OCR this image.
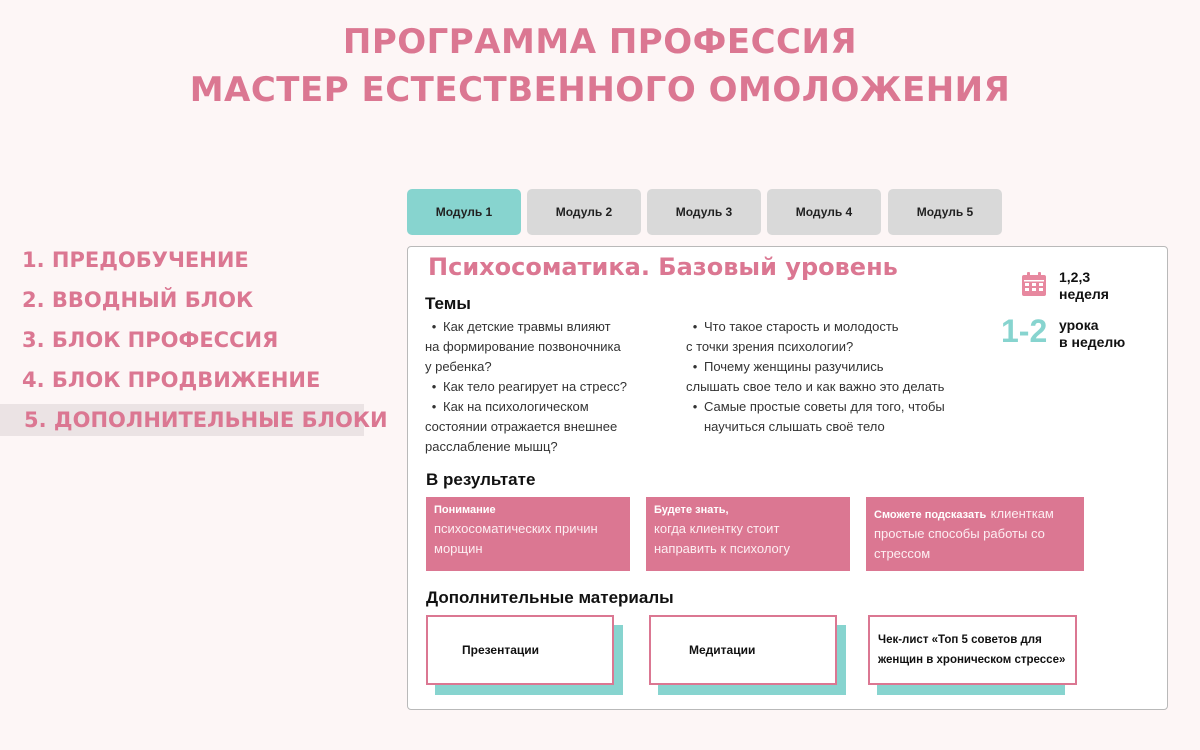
ПРОГРАММА ПРОФЕССИЯ
МАСТЕР ЕСТЕСТВЕННОГО ОМОЛОЖЕНИЯ
1. ПРЕДОБУЧЕНИЕ
2. ВВОДНЫЙ БЛОК
3. БЛОК ПРОФЕССИЯ
4. БЛОК ПРОДВИЖЕНИЕ
5. ДОПОЛНИТЕЛЬНЫЕ БЛОКИ
Модуль 1	Модуль 2	Модуль 3	Модуль 4	Модуль 5
Психосоматика. Базовый уровень	1,2,3
неделя
1-2 урока
в неделю
Темы
• Как детские травмы влияют
на формирование позвоночника
у ребенка?
• Как тело реагирует на стресс?
• Как на психологическом
состоянии отражается внешнее
расслабление мышц?
• Что такое старость и молодость
с точки зрения психологии?
• Почему женщины разучились
слышать свое тело и как важно это делать
• Самые простые советы для того, чтобы
научиться слышать своё тело
В результате
Понимание
психосоматических причин морщин
Будете знать,
когда клиентку стоит направить к психологу
Сможете подсказать клиенткам простые способы работы со стрессом
Дополнительные материалы
Презентации	Медитации
Чек-лист «Топ 5 советов для женщин в хроническом стрессе»
